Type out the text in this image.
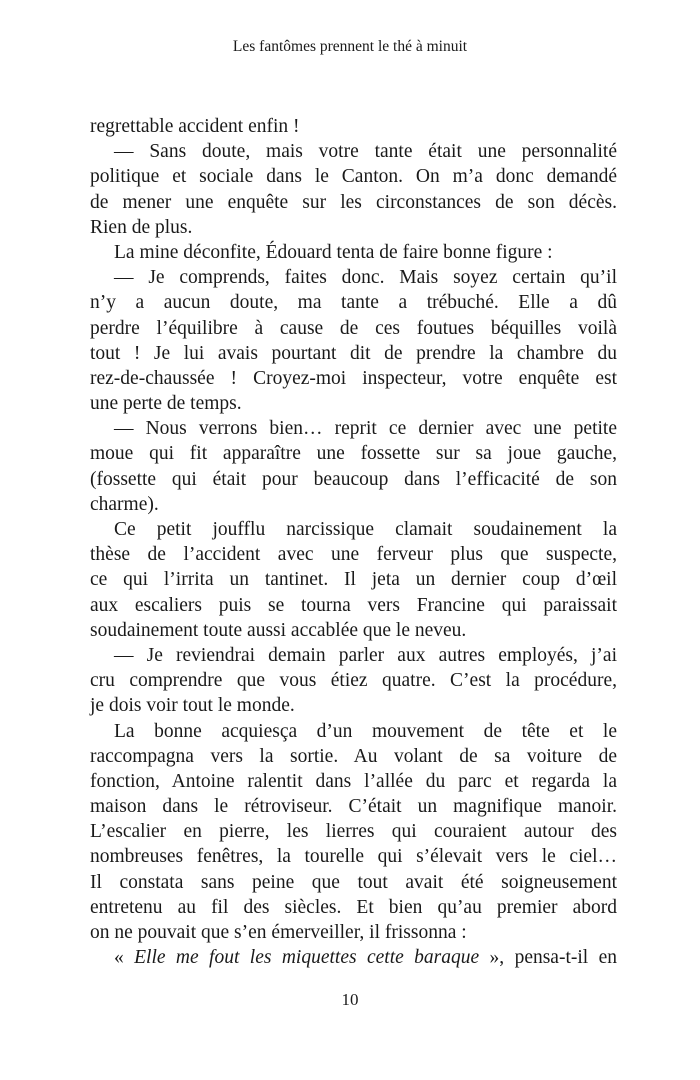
Les fantômes prennent le thé à minuit
regrettable accident enfin !
— Sans doute, mais votre tante était une personnalité
politique et sociale dans le Canton. On m’a donc demandé
de mener une enquête sur les circonstances de son décès.
Rien de plus.
La mine déconfite, Édouard tenta de faire bonne figure :
— Je comprends, faites donc. Mais soyez certain qu’il
n’y a aucun doute, ma tante a trébuché. Elle a dû
perdre l’équilibre à cause de ces foutues béquilles voilà
tout ! Je lui avais pourtant dit de prendre la chambre du
rez-de-chaussée ! Croyez-moi inspecteur, votre enquête est
une perte de temps.
— Nous verrons bien… reprit ce dernier avec une petite
moue qui fit apparaître une fossette sur sa joue gauche,
(fossette qui était pour beaucoup dans l’efficacité de son
charme).
Ce petit joufflu narcissique clamait soudainement la
thèse de l’accident avec une ferveur plus que suspecte,
ce qui l’irrita un tantinet. Il jeta un dernier coup d’œil
aux escaliers puis se tourna vers Francine qui paraissait
soudainement toute aussi accablée que le neveu.
— Je reviendrai demain parler aux autres employés, j’ai
cru comprendre que vous étiez quatre. C’est la procédure,
je dois voir tout le monde.
La bonne acquiesça d’un mouvement de tête et le
raccompagna vers la sortie. Au volant de sa voiture de
fonction, Antoine ralentit dans l’allée du parc et regarda la
maison dans le rétroviseur. C’était un magnifique manoir.
L’escalier en pierre, les lierres qui couraient autour des
nombreuses fenêtres, la tourelle qui s’élevait vers le ciel…
Il constata sans peine que tout avait été soigneusement
entretenu au fil des siècles. Et bien qu’au premier abord
on ne pouvait que s’en émerveiller, il frissonna :
« Elle me fout les miquettes cette baraque », pensa-t-il en
10
